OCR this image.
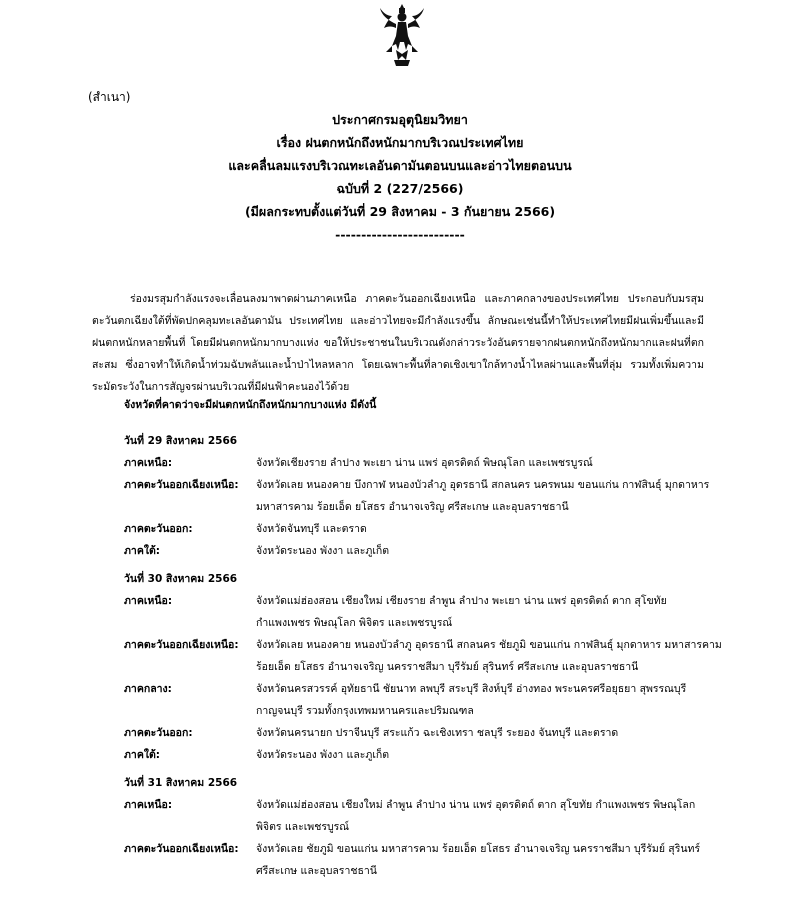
(สำเนา)
ประกาศกรมอุตุนิยมวิทยา
เรื่อง ฝนตกหนักถึงหนักมากบริเวณประเทศไทย
และคลื่นลมแรงบริเวณทะเลอันดามันตอนบนและอ่าวไทยตอนบน
ฉบับที่ 2 (227/2566)
(มีผลกระทบตั้งแต่วันที่ 29 สิงหาคม - 3 กันยายน 2566)
-------------------------
ร่องมรสุมกำลังแรงจะเลื่อนลงมาพาดผ่านภาคเหนือ ภาคตะวันออกเฉียงเหนือ และภาคกลางของประเทศไทย ประกอบกับมรสุมตะวันตกเฉียงใต้ที่พัดปกคลุมทะเลอันดามัน ประเทศไทย และอ่าวไทยจะมีกำลังแรงขึ้น ลักษณะเช่นนี้ทำให้ประเทศไทยมีฝนเพิ่มขึ้นและมีฝนตกหนักหลายพื้นที่ โดยมีฝนตกหนักมากบางแห่ง ขอให้ประชาชนในบริเวณดังกล่าวระวังอันตรายจากฝนตกหนักถึงหนักมากและฝนที่ตกสะสม ซึ่งอาจทำให้เกิดน้ำท่วมฉับพลันและน้ำป่าไหลหลาก โดยเฉพาะพื้นที่ลาดเชิงเขาใกล้ทางน้ำไหลผ่านและพื้นที่ลุ่ม รวมทั้งเพิ่มความระมัดระวังในการสัญจรผ่านบริเวณที่มีฝนฟ้าคะนองไว้ด้วย
จังหวัดที่คาดว่าจะมีฝนตกหนักถึงหนักมากบางแห่ง มีดังนี้
วันที่ 29 สิงหาคม 2566
ภาคเหนือ:	จังหวัดเชียงราย ลำปาง พะเยา น่าน แพร่ อุตรดิตถ์ พิษณุโลก และเพชรบูรณ์
ภาคตะวันออกเฉียงเหนือ:	จังหวัดเลย หนองคาย บึงกาฬ หนองบัวลำภู อุดรธานี สกลนคร นครพนม ขอนแก่น กาฬสินธุ์ มุกดาหาร มหาสารคาม ร้อยเอ็ด ยโสธร อำนาจเจริญ ศรีสะเกษ และอุบลราชธานี
ภาคตะวันออก:	จังหวัดจันทบุรี และตราด
ภาคใต้:	จังหวัดระนอง พังงา และภูเก็ต
วันที่ 30 สิงหาคม 2566
ภาคเหนือ:	จังหวัดแม่ฮ่องสอน เชียงใหม่ เชียงราย ลำพูน ลำปาง พะเยา น่าน แพร่ อุตรดิตถ์ ตาก สุโขทัย กำแพงเพชร พิษณุโลก พิจิตร และเพชรบูรณ์
ภาคตะวันออกเฉียงเหนือ:	จังหวัดเลย หนองคาย หนองบัวลำภู อุดรธานี สกลนคร ชัยภูมิ ขอนแก่น กาฬสินธุ์ มุกดาหาร มหาสารคาม ร้อยเอ็ด ยโสธร อำนาจเจริญ นครราชสีมา บุรีรัมย์ สุรินทร์ ศรีสะเกษ และอุบลราชธานี
ภาคกลาง:	จังหวัดนครสวรรค์ อุทัยธานี ชัยนาท ลพบุรี สระบุรี สิงห์บุรี อ่างทอง พระนครศรีอยุธยา สุพรรณบุรี กาญจนบุรี รวมทั้งกรุงเทพมหานครและปริมณฑล
ภาคตะวันออก:	จังหวัดนครนายก ปราจีนบุรี สระแก้ว ฉะเชิงเทรา ชลบุรี ระยอง จันทบุรี และตราด
ภาคใต้:	จังหวัดระนอง พังงา และภูเก็ต
วันที่ 31 สิงหาคม 2566
ภาคเหนือ:	จังหวัดแม่ฮ่องสอน เชียงใหม่ ลำพูน ลำปาง น่าน แพร่ อุตรดิตถ์ ตาก สุโขทัย กำแพงเพชร พิษณุโลก พิจิตร และเพชรบูรณ์
ภาคตะวันออกเฉียงเหนือ:	จังหวัดเลย ชัยภูมิ ขอนแก่น มหาสารคาม ร้อยเอ็ด ยโสธร อำนาจเจริญ นครราชสีมา บุรีรัมย์ สุรินทร์ ศรีสะเกษ และอุบลราชธานี
